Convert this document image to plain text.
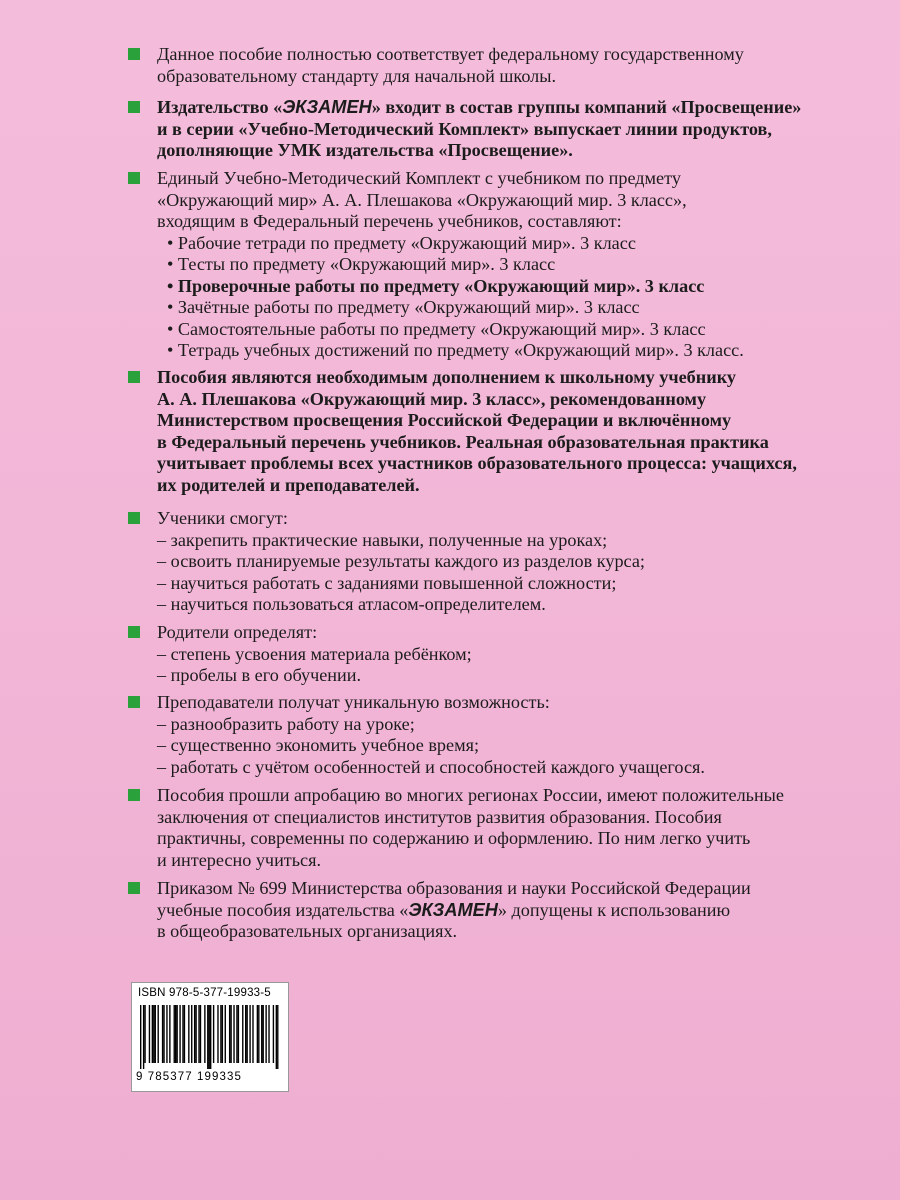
Данное пособие полностью соответствует федеральному государственному
образовательному стандарту для начальной школы.
Издательство «ЭКЗАМЕН» входит в состав группы компаний «Просвещение»
и в серии «Учебно-Методический Комплект» выпускает линии продуктов,
дополняющие УМК издательства «Просвещение».
Единый Учебно-Методический Комплект с учебником по предмету
«Окружающий мир» А. А. Плешакова «Окружающий мир. 3 класс»,
входящим в Федеральный перечень учебников, составляют:
• Рабочие тетради по предмету «Окружающий мир». 3 класс
• Тесты по предмету «Окружающий мир». 3 класс
• Проверочные работы по предмету «Окружающий мир». 3 класс
• Зачётные работы по предмету «Окружающий мир». 3 класс
• Самостоятельные работы по предмету «Окружающий мир». 3 класс
• Тетрадь учебных достижений по предмету «Окружающий мир». 3 класс.
Пособия являются необходимым дополнением к школьному учебнику
А. А. Плешакова «Окружающий мир. 3 класс», рекомендованному
Министерством просвещения Российской Федерации и включённому
в Федеральный перечень учебников. Реальная образовательная практика
учитывает проблемы всех участников образовательного процесса: учащихся,
их родителей и преподавателей.
Ученики смогут:
– закрепить практические навыки, полученные на уроках;
– освоить планируемые результаты каждого из разделов курса;
– научиться работать с заданиями повышенной сложности;
– научиться пользоваться атласом-определителем.
Родители определят:
– степень усвоения материала ребёнком;
– пробелы в его обучении.
Преподаватели получат уникальную возможность:
– разнообразить работу на уроке;
– существенно экономить учебное время;
– работать с учётом особенностей и способностей каждого учащегося.
Пособия прошли апробацию во многих регионах России, имеют положительные
заключения от специалистов институтов развития образования. Пособия
практичны, современны по содержанию и оформлению. По ним легко учить
и интересно учиться.
Приказом № 699 Министерства образования и науки Российской Федерации
учебные пособия издательства «ЭКЗАМЕН» допущены к использованию
в общеобразовательных организациях.
ISBN 978-5-377-19933-5
9 785377 199335
